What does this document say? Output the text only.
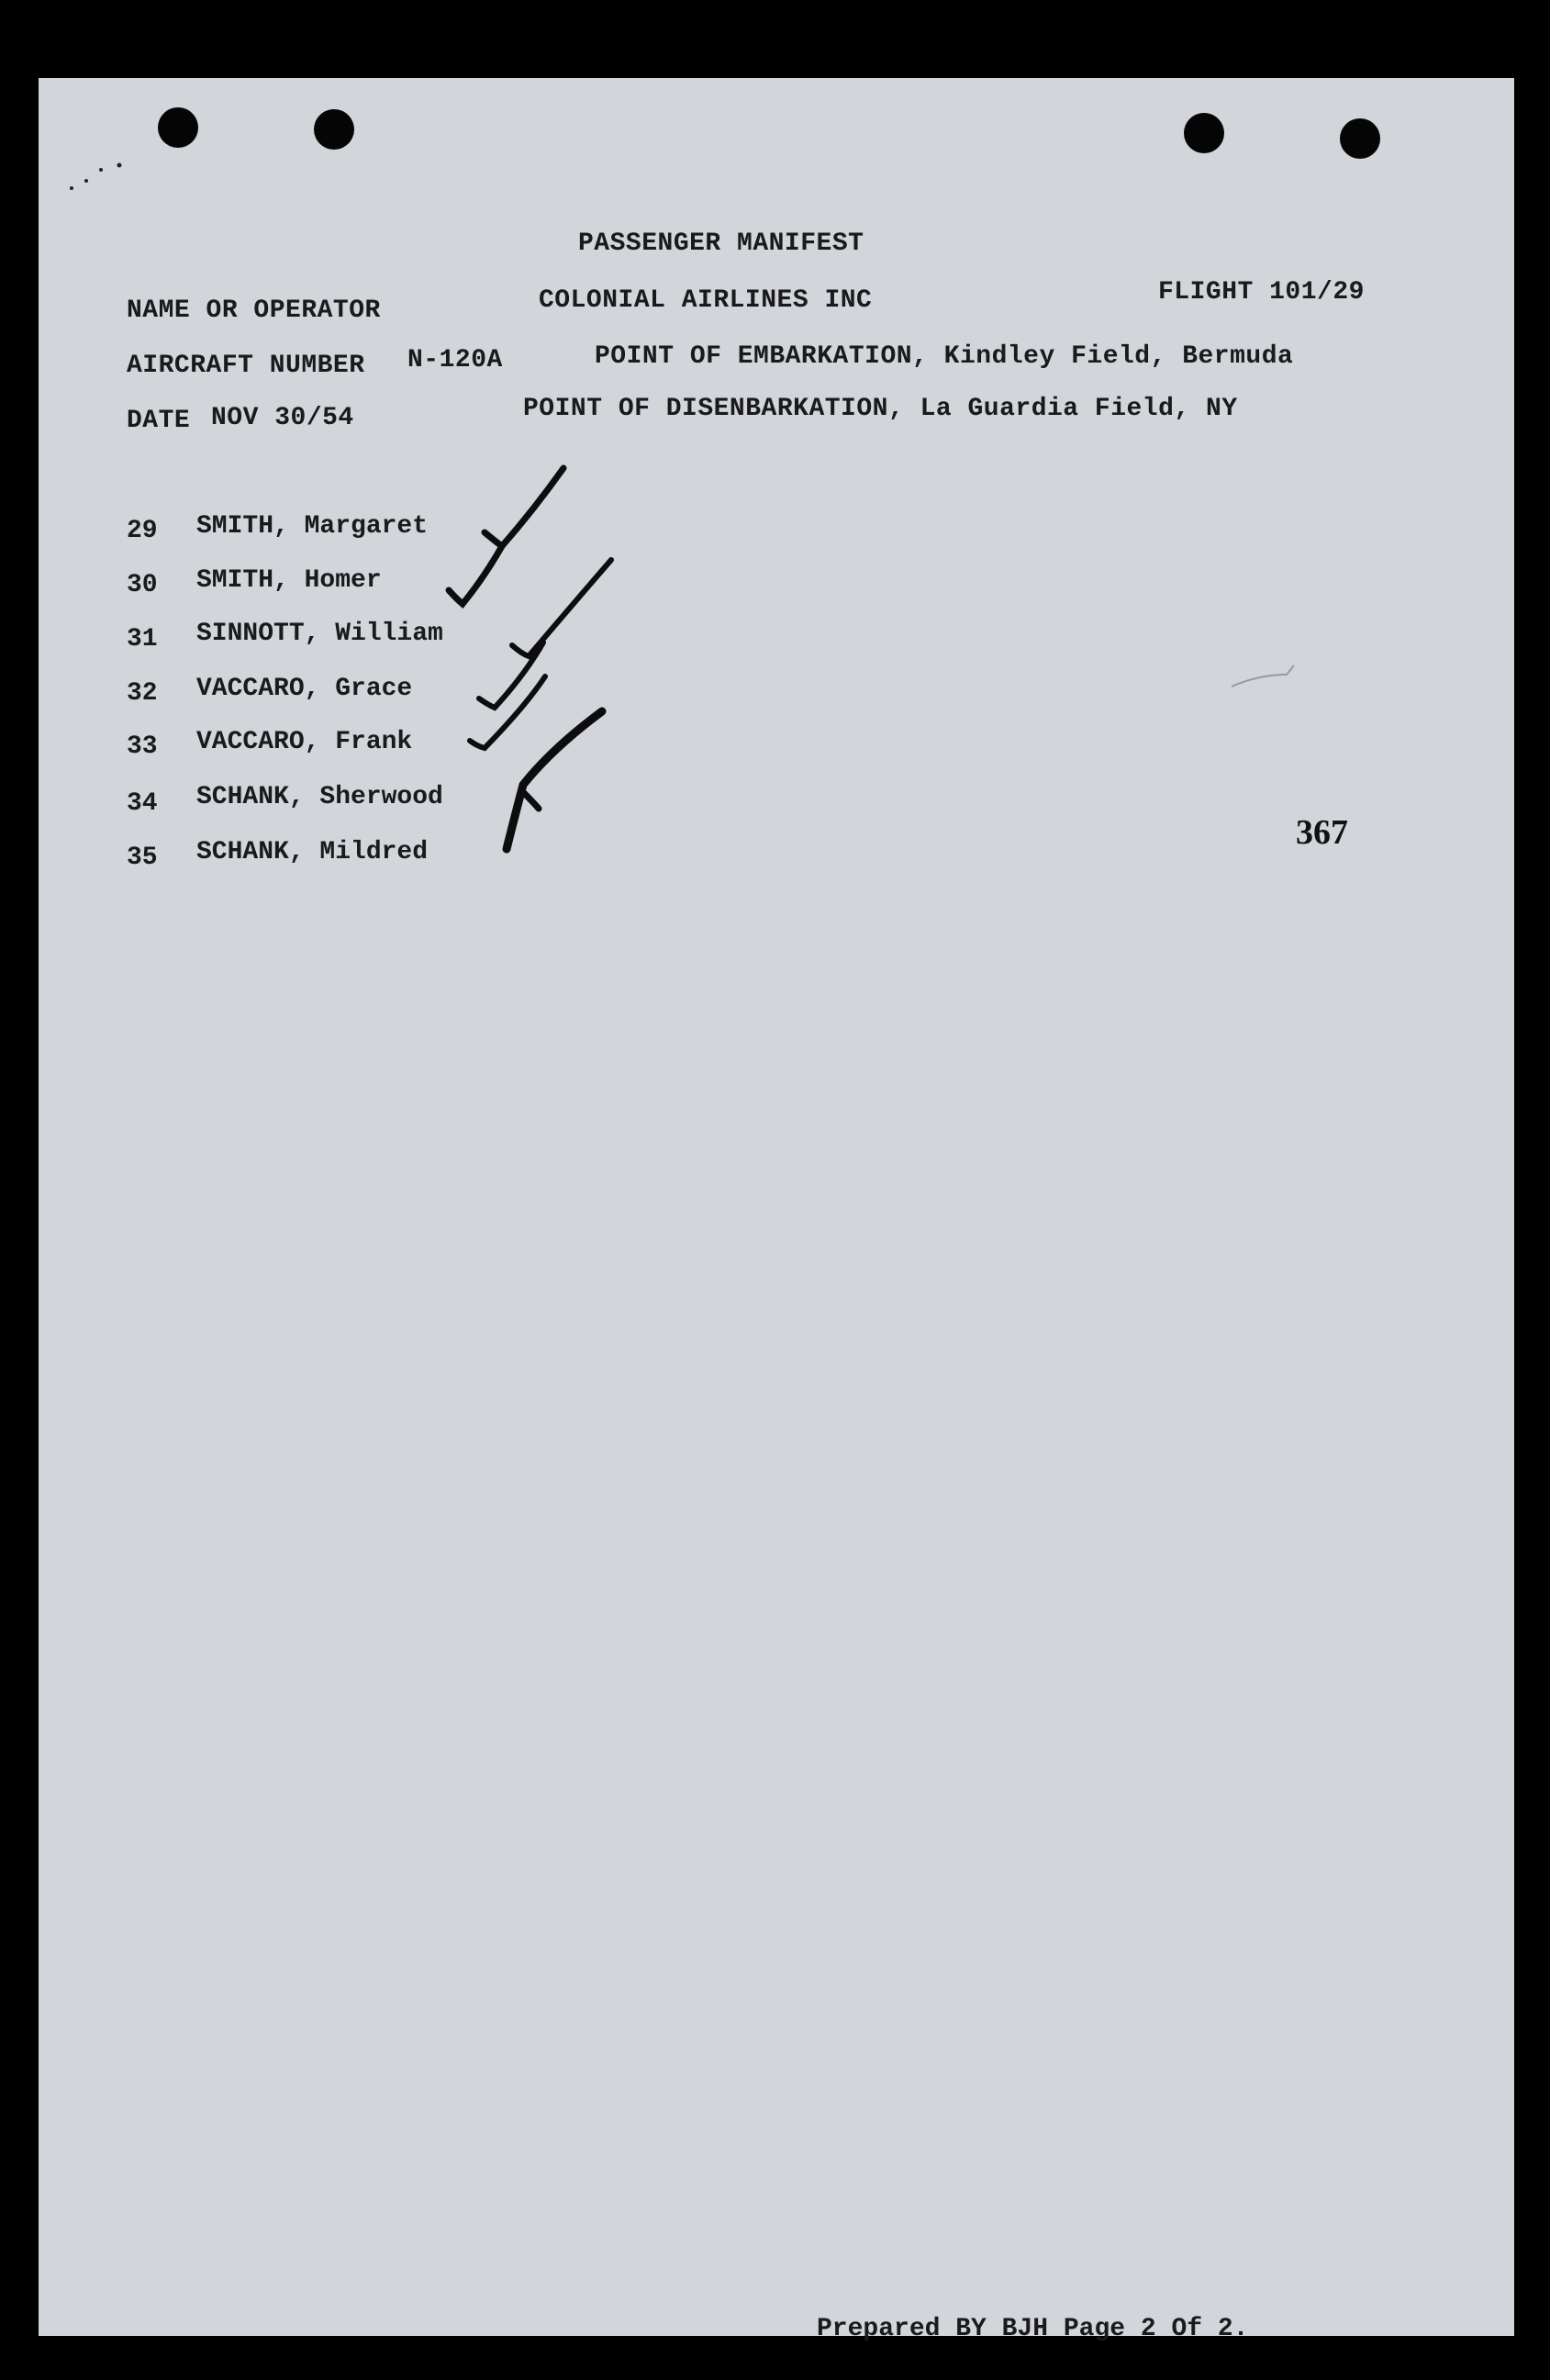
PASSENGER MANIFEST
NAME OR OPERATOR	COLONIAL AIRLINES INC	FLIGHT 101/29
AIRCRAFT NUMBER N-120A	POINT OF EMBARKATION, Kindley Field, Bermuda
DATE NOV 30/54	POINT OF DISENBARKATION, La Guardia Field, NY
29 SMITH, Margaret
30 SMITH, Homer
31 SINNOTT, William
32 VACCARO, Grace
33 VACCARO, Frank
34 SCHANK, Sherwood
35 SCHANK, Mildred
367
Prepared BY BJH Page 2 Of 2.
